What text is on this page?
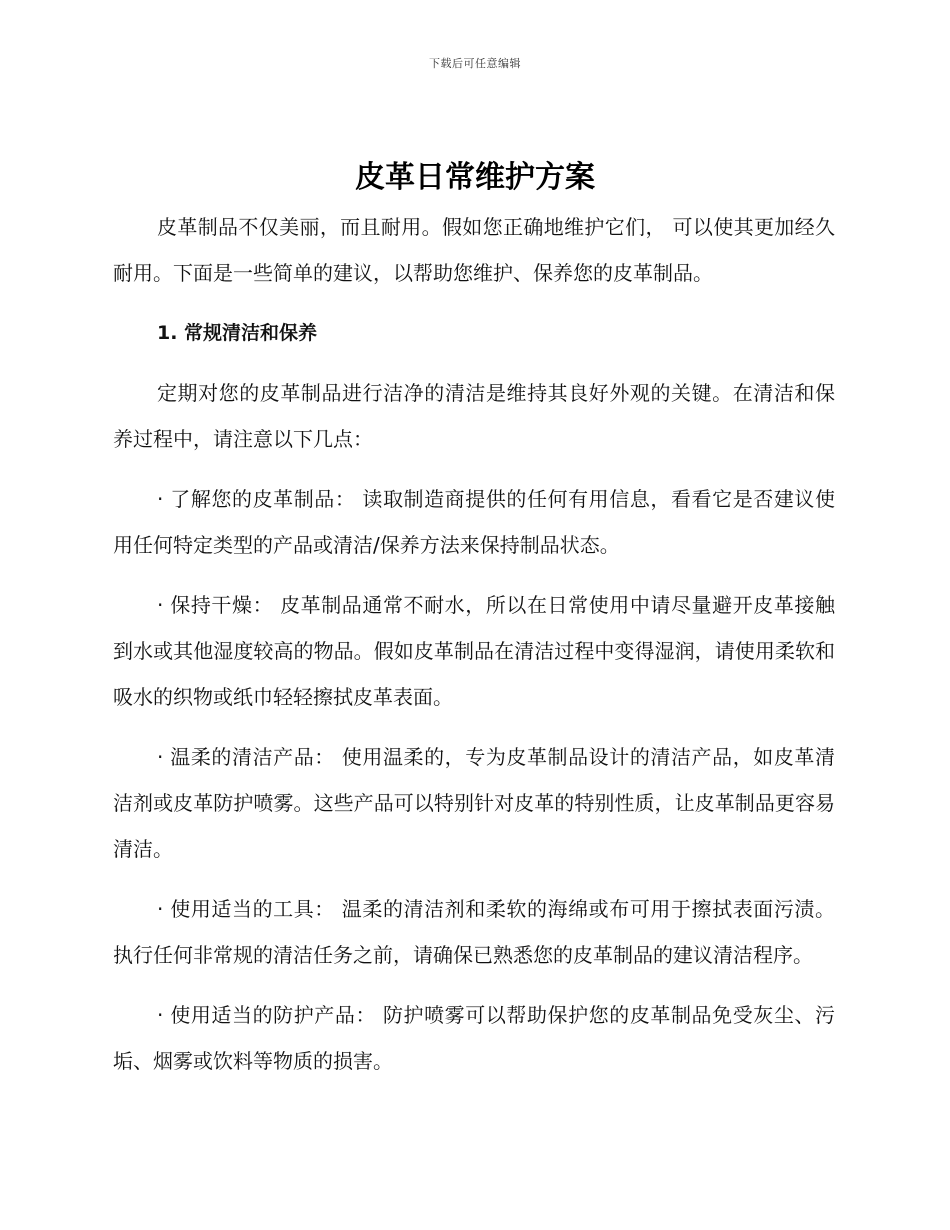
下载后可任意编辑
皮革日常维护方案

皮革制品不仅美丽，而且耐用。假如您正确地维护它们， 可以使其更加经久耐用。下面是一些简单的建议，以帮助您维护、保养您的皮革制品。

1. 常规清洁和保养

定期对您的皮革制品进行洁净的清洁是维持其良好外观的关键。在清洁和保养过程中，请注意以下几点：

· 了解您的皮革制品： 读取制造商提供的任何有用信息，看看它是否建议使用任何特定类型的产品或清洁/保养方法来保持制品状态。

· 保持干燥： 皮革制品通常不耐水，所以在日常使用中请尽量避开皮革接触到水或其他湿度较高的物品。假如皮革制品在清洁过程中变得湿润，请使用柔软和吸水的织物或纸巾轻轻擦拭皮革表面。

· 温柔的清洁产品： 使用温柔的，专为皮革制品设计的清洁产品，如皮革清洁剂或皮革防护喷雾。这些产品可以特别针对皮革的特别性质，让皮革制品更容易清洁。

· 使用适当的工具： 温柔的清洁剂和柔软的海绵或布可用于擦拭表面污渍。执行任何非常规的清洁任务之前，请确保已熟悉您的皮革制品的建议清洁程序。

· 使用适当的防护产品： 防护喷雾可以帮助保护您的皮革制品免受灰尘、污垢、烟雾或饮料等物质的损害。
